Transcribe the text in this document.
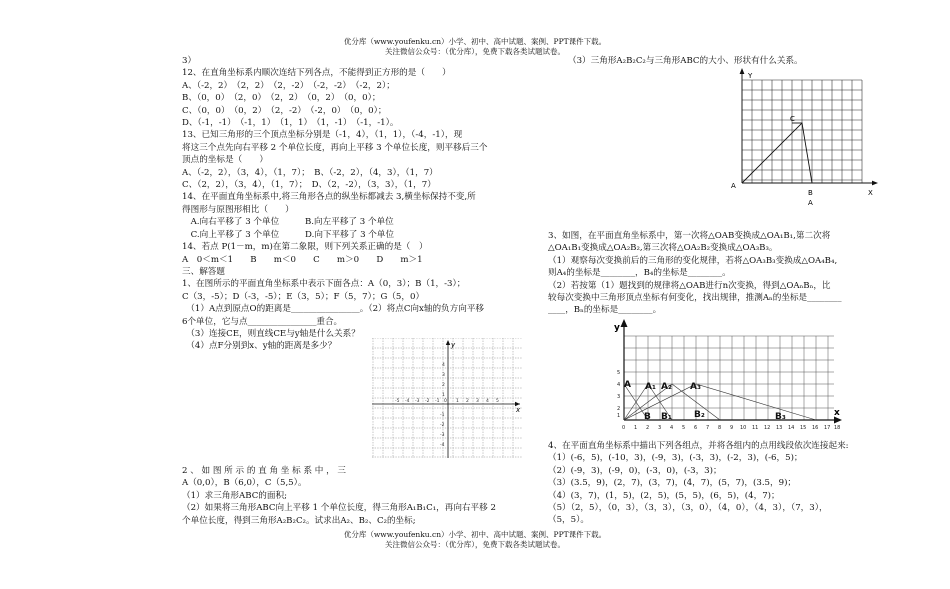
优分库（www.youfenku.cn）小学、初中、高中试题、案例、PPT课件下载。
关注微信公众号：（优分库），免费下载各类试题试卷。

3）

12、在直角坐标系内顺次连结下列各点，不能得到正方形的是（　　）

A、（-2，2）　（2，2）　（2，-2）　（-2，-2）　（-2，2）；

B、（0，0）　（2，0）　（2，2）　（0，2）　（0，0）；

C、（0，0）　（0，2）　（2，-2）　（-2，0）　（0，0）；

D、（-1，-1）　（-1，1）　（1，1）　（1，-1）　（-1，-1）。

13、已知三角形的三个顶点坐标分别是（-1，4），（1，1），（-4，-1），现

将这三个点先向右平移 2 个单位长度，再向上平移 3 个单位长度，则平移后三个

顶点的坐标是（　　）

A、（-2，2），（3，4），（1，7）；　B、（-2，2），（4，3），（1，7）

C、（2，2），（3，4），（1，7）；　D、（2，-2），（3，3），（1，7）

14、在平面直角坐标系中,将三角形各点的纵坐标都减去 3,横坐标保持不变,所

得图形与原图形相比（　　）

　A.向右平移了 3 个单位　　　B.向左平移了 3 个单位

　C.向上平移了 3 个单位　　　D.向下平移了 3 个单位

14、若点 P(1－m，m)在第二象限，则下列关系正确的是（　）

A　0＜m＜1　　B　　m＜0　　C　　m＞0　　D　　m＞1

三、解答题

1、在图所示的平面直角坐标系中表示下面各点：A（0，3）；B（1，-3）；

C（3，-5）；D（-3，-5）；E（3，5）；F（5，7）；G（5，0）

　（1）A点到原点O的距离是________________。（2）将点C向x轴的负方向平移

6个单位，它与点________________重合。

　（3）连接CE，则直线CE与y轴是什么关系？

　（4）点F分别到x、y轴的距离是多少？

x
y
-5 -4 -3 -2 -1 0 1 2 3 4 5
4
3
2
1
-1
-2
-3
-4

2 、 如 图 所 示 的 直 角 坐 标 系 中 ， 三

A（0,0），B（6,0），C（5,5）。

（1）求三角形ABC的面积;

（2）如果将三角形ABC向上平移 1 个单位长度，得三角形A₁B₁C₁，再向右平移 2

个单位长度，得到三角形A₂B₂C₂。试求出A₂、B₂、C₂的坐标;

（3）三角形A₂B₂C₂与三角形ABC的大小、形状有什么关系。

Y
X
A
C
B
A

3、如图，在平面直角坐标系中，第一次将△OAB变换成△OA₁B₁,第二次将

△OA₁B₁变换成△OA₂B₂,第三次将△OA₂B₂变换成△OA₃B₃。

（1）观察每次变换前后的三角形的变化规律，若将△OA₃B₃变换成△OA₄B₄,

则A₄的坐标是________，B₄的坐标是________。

（2）若按第（1）题找到的规律将△OAB进行n次变换，得到△OAₙBₙ，比

较每次变换中三角形顶点坐标有何变化，找出规律，推测Aₙ的坐标是________

____，Bₙ的坐标是________。

y
x
5
4
3
2
1
0 1 2 3 4 5 6 7 8 9 10 11 12 13 14 15 16 17 18
A A₁ A₂ A₃
B B₁ B₂	B₃

4、在平面直角坐标系中描出下列各组点，并将各组内的点用线段依次连接起来:

（1）(-6，5)，(-10，3)，(-9，3)，(-3，3)，(-2，3)，(-6，5)；

（2）(-9，3)，(-9，0)，(-3，0)，(-3，3)；

（3）(3.5，9)，(2，7)，(3，7)，(4，7)，(5，7)，(3.5，9)；

（4）(3，7)，(1，5)，(2，5)，(5，5)，(6，5)，(4，7)；

（5）（2，5），（0，3），（3，3），（3，0），（4，0），（4，3），（7，3），

（5，5）。

优分库（www.youfenku.cn）小学、初中、高中试题、案例、PPT课件下载。
关注微信公众号：（优分库），免费下载各类试题试卷。
